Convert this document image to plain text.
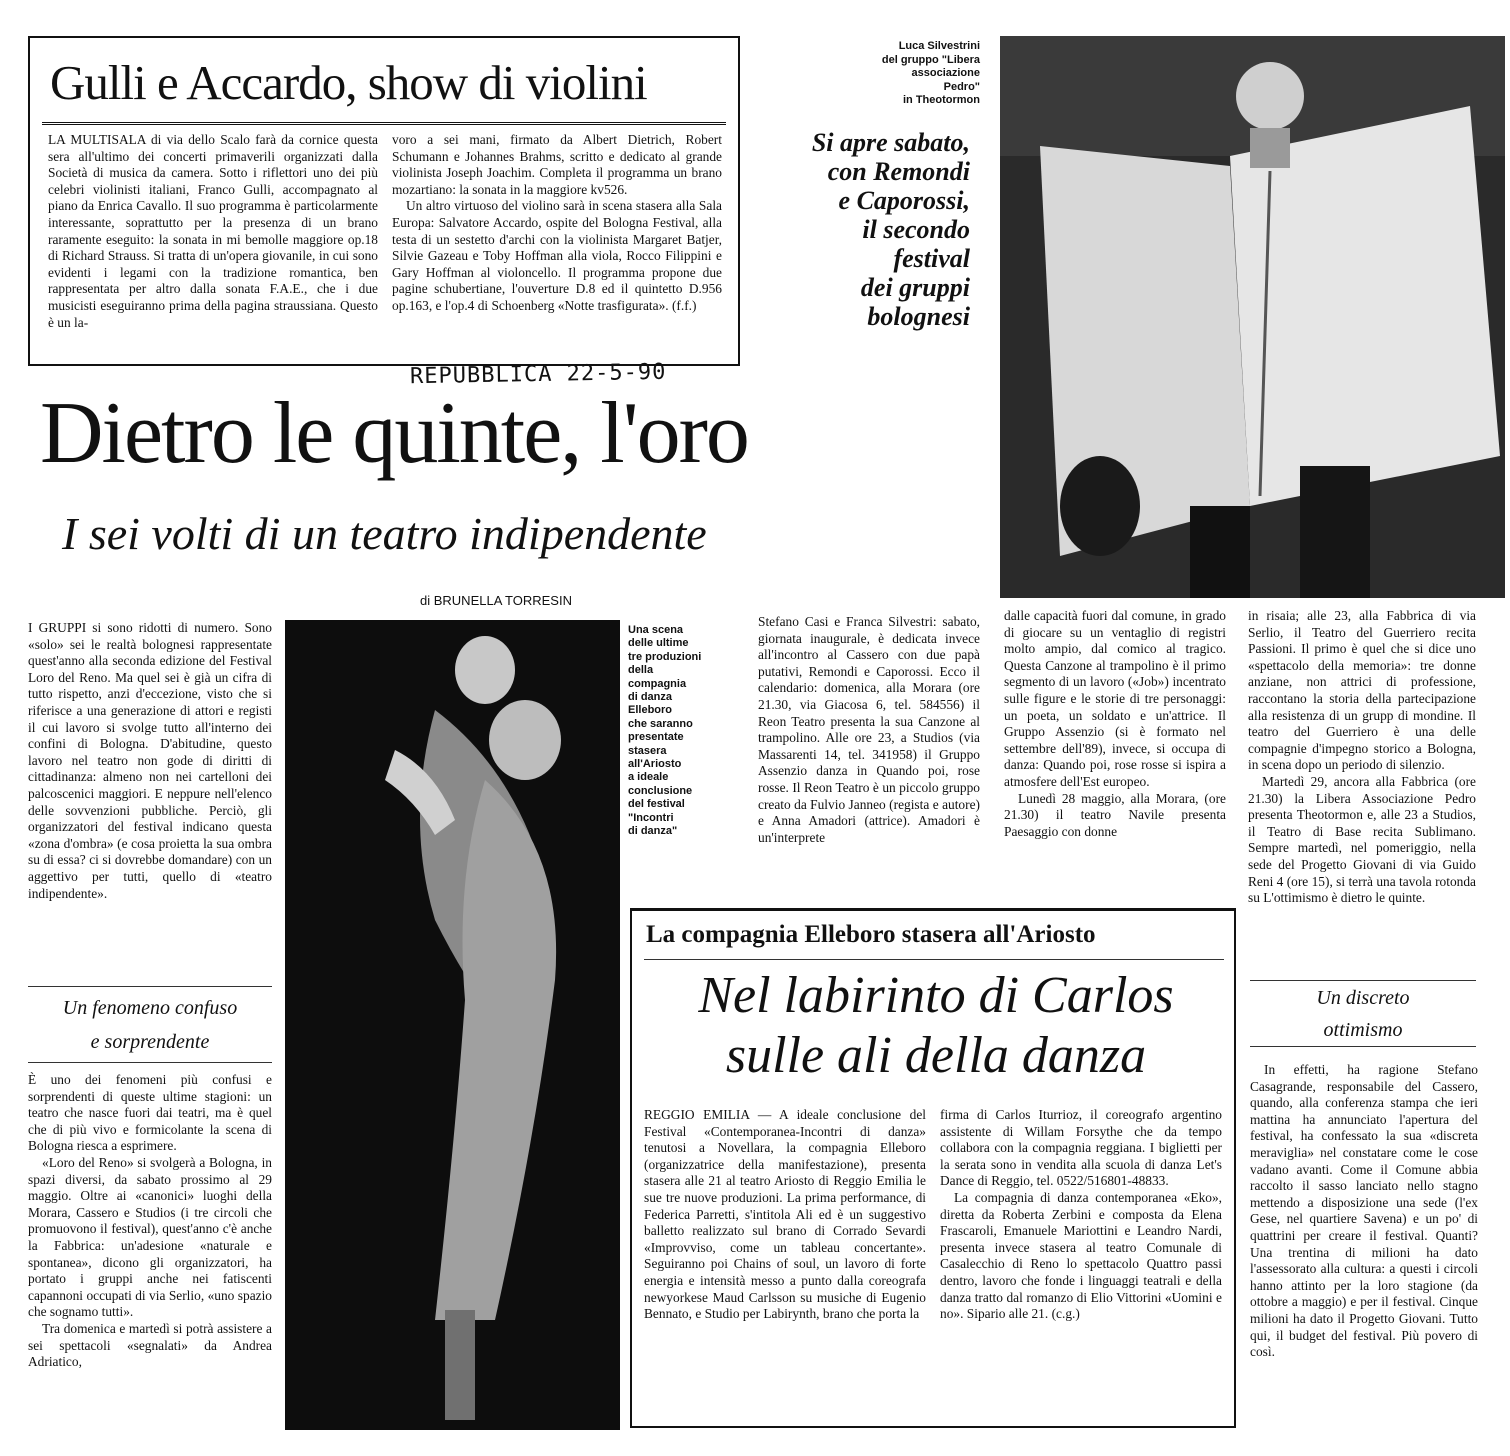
Gulli e Accardo, show di violini

LA MULTISALA di via dello Scalo farà da cornice questa sera all'ultimo dei concerti primaverili organizzati dalla Società di musica da camera. Sotto i riflettori uno dei più celebri violinisti italiani, Franco Gulli, accompagnato al piano da Enrica Cavallo. Il suo programma è particolarmente interessante, soprattutto per la presenza di un brano raramente eseguito: la sonata in mi bemolle maggiore op.18 di Richard Strauss. Si tratta di un'opera giovanile, in cui sono evidenti i legami con la tradizione romantica, ben rappresentata per altro dalla sonata F.A.E., che i due musicisti eseguiranno prima della pagina straussiana. Questo è un la-

voro a sei mani, firmato da Albert Dietrich, Robert Schumann e Johannes Brahms, scritto e dedicato al grande violinista Joseph Joachim. Completa il programma un brano mozartiano: la sonata in la maggiore kv526.

Un altro virtuoso del violino sarà in scena stasera alla Sala Europa: Salvatore Accardo, ospite del Bologna Festival, alla testa di un sestetto d'archi con la violinista Margaret Batjer, Silvie Gazeau e Toby Hoffman alla viola, Rocco Filippini e Gary Hoffman al violoncello. Il programma propone due pagine schubertiane, l'ouverture D.8 ed il quintetto D.956 op.163, e l'op.4 di Schoenberg «Notte trasfigurata». (f.f.)

Luca Silvestrini
del gruppo "Libera
associazione
Pedro"
in Theotormon
Si apre sabato,
con Remondi
e Caporossi,
il secondo
festival
dei gruppi
bolognesi
REPUBBLICA 22-5-90
Dietro le quinte, l'oro
I sei volti di un teatro indipendente
di BRUNELLA TORRESIN

I GRUPPI si sono ridotti di numero. Sono «solo» sei le realtà bolognesi rappresentate quest'anno alla seconda edizione del Festival Loro del Reno. Ma quel sei è già un cifra di tutto rispetto, anzi d'eccezione, visto che si riferisce a una generazione di attori e registi il cui lavoro si svolge tutto all'interno dei confini di Bologna. D'abitudine, questo lavoro nel teatro non gode di diritti di cittadinanza: almeno non nei cartelloni dei palcoscenici maggiori. E neppure nell'elenco delle sovvenzioni pubbliche. Perciò, gli organizzatori del festival indicano questa «zona d'ombra» (e cosa proietta la sua ombra su di essa? ci si dovrebbe domandare) con un aggettivo per tutti, quello di «teatro indipendente».

Un fenomeno confuso
e sorprendente

È uno dei fenomeni più confusi e sorprendenti di queste ultime stagioni: un teatro che nasce fuori dai teatri, ma è quel che di più vivo e formicolante la scena di Bologna riesca a esprimere.

«Loro del Reno» si svolgerà a Bologna, in spazi diversi, da sabato prossimo al 29 maggio. Oltre ai «canonici» luoghi della Morara, Cassero e Studios (i tre circoli che promuovono il festival), quest'anno c'è anche la Fabbrica: un'adesione «naturale e spontanea», dicono gli organizzatori, ha portato i gruppi anche nei fatiscenti capannoni occupati di via Serlio, «uno spazio che sognamo tutti».

Tra domenica e martedì si potrà assistere a sei spettacoli «segnalati» da Andrea Adriatico,

Una scena
delle ultime
tre produzioni
della
compagnia
di danza
Elleboro
che saranno
presentate
stasera
all'Ariosto
a ideale
conclusione
del festival
"Incontri
di danza"

Stefano Casi e Franca Silvestri: sabato, giornata inaugurale, è dedicata invece all'incontro al Cassero con due papà putativi, Remondi e Caporossi. Ecco il calendario: domenica, alla Morara (ore 21.30, via Giacosa 6, tel. 584556) il Reon Teatro presenta la sua Canzone al trampolino. Alle ore 23, a Studios (via Massarenti 14, tel. 341958) il Gruppo Assenzio danza in Quando poi, rose rosse. Il Reon Teatro è un piccolo gruppo creato da Fulvio Janneo (regista e autore) e Anna Amadori (attrice). Amadori è un'interprete

dalle capacità fuori dal comune, in grado di giocare su un ventaglio di registri molto ampio, dal comico al tragico. Questa Canzone al trampolino è il primo segmento di un lavoro («Job») incentrato sulle figure e le storie di tre personaggi: un poeta, un soldato e un'attrice. Il Gruppo Assenzio (si è formato nel settembre dell'89), invece, si occupa di danza: Quando poi, rose rosse si ispira a atmosfere dell'Est europeo.

Lunedì 28 maggio, alla Morara, (ore 21.30) il teatro Navile presenta Paesaggio con donne

in risaia; alle 23, alla Fabbrica di via Serlio, il Teatro del Guerriero recita Passioni. Il primo è quel che si dice uno «spettacolo della memoria»: tre donne anziane, non attrici di professione, raccontano la storia della partecipazione alla resistenza di un grupp di mondine. Il teatro del Guerriero è una delle compagnie d'impegno storico a Bologna, in scena dopo un periodo di silenzio.

Martedì 29, ancora alla Fabbrica (ore 21.30) la Libera Associazione Pedro presenta Theotormon e, alle 23 a Studios, il Teatro di Base recita Sublimano. Sempre martedì, nel pomeriggio, nella sede del Progetto Giovani di via Guido Reni 4 (ore 15), si terrà una tavola rotonda su L'ottimismo è dietro le quinte.

Un discreto
ottimismo

In effetti, ha ragione Stefano Casagrande, responsabile del Cassero, quando, alla conferenza stampa che ieri mattina ha annunciato l'apertura del festival, ha confessato la sua «discreta meraviglia» nel constatare come le cose vadano avanti. Come il Comune abbia raccolto il sasso lanciato nello stagno mettendo a disposizione una sede (l'ex Gese, nel quartiere Savena) e un po' di quattrini per creare il festival. Quanti? Una trentina di milioni ha dato l'assessorato alla cultura: a questi i circoli hanno attinto per la loro stagione (da ottobre a maggio) e per il festival. Cinque milioni ha dato il Progetto Giovani. Tutto qui, il budget del festival. Più povero di così.

La compagnia Elleboro stasera all'Ariosto
Nel labirinto di Carlos
sulle ali della danza

REGGIO EMILIA — A ideale conclusione del Festival «Contemporanea-Incontri di danza» tenutosi a Novellara, la compagnia Elleboro (organizzatrice della manifestazione), presenta stasera alle 21 al teatro Ariosto di Reggio Emilia le sue tre nuove produzioni. La prima performance, di Federica Parretti, s'intitola Ali ed è un suggestivo balletto realizzato sul brano di Corrado Sevardi «Improvviso, come un tableau concertante». Seguiranno poi Chains of soul, un lavoro di forte energia e intensità messo a punto dalla coreografa newyorkese Maud Carlsson su musiche di Eugenio Bennato, e Studio per Labirynth, brano che porta la

firma di Carlos Iturrioz, il coreografo argentino assistente di Willam Forsythe che da tempo collabora con la compagnia reggiana. I biglietti per la serata sono in vendita alla scuola di danza Let's Dance di Reggio, tel. 0522/516801-48833.

La compagnia di danza contemporanea «Eko», diretta da Roberta Zerbini e composta da Elena Frascaroli, Emanuele Mariottini e Leandro Nardi, presenta invece stasera al teatro Comunale di Casalecchio di Reno lo spettacolo Quattro passi dentro, lavoro che fonde i linguaggi teatrali e della danza tratto dal romanzo di Elio Vittorini «Uomini e no». Sipario alle 21. (c.g.)
